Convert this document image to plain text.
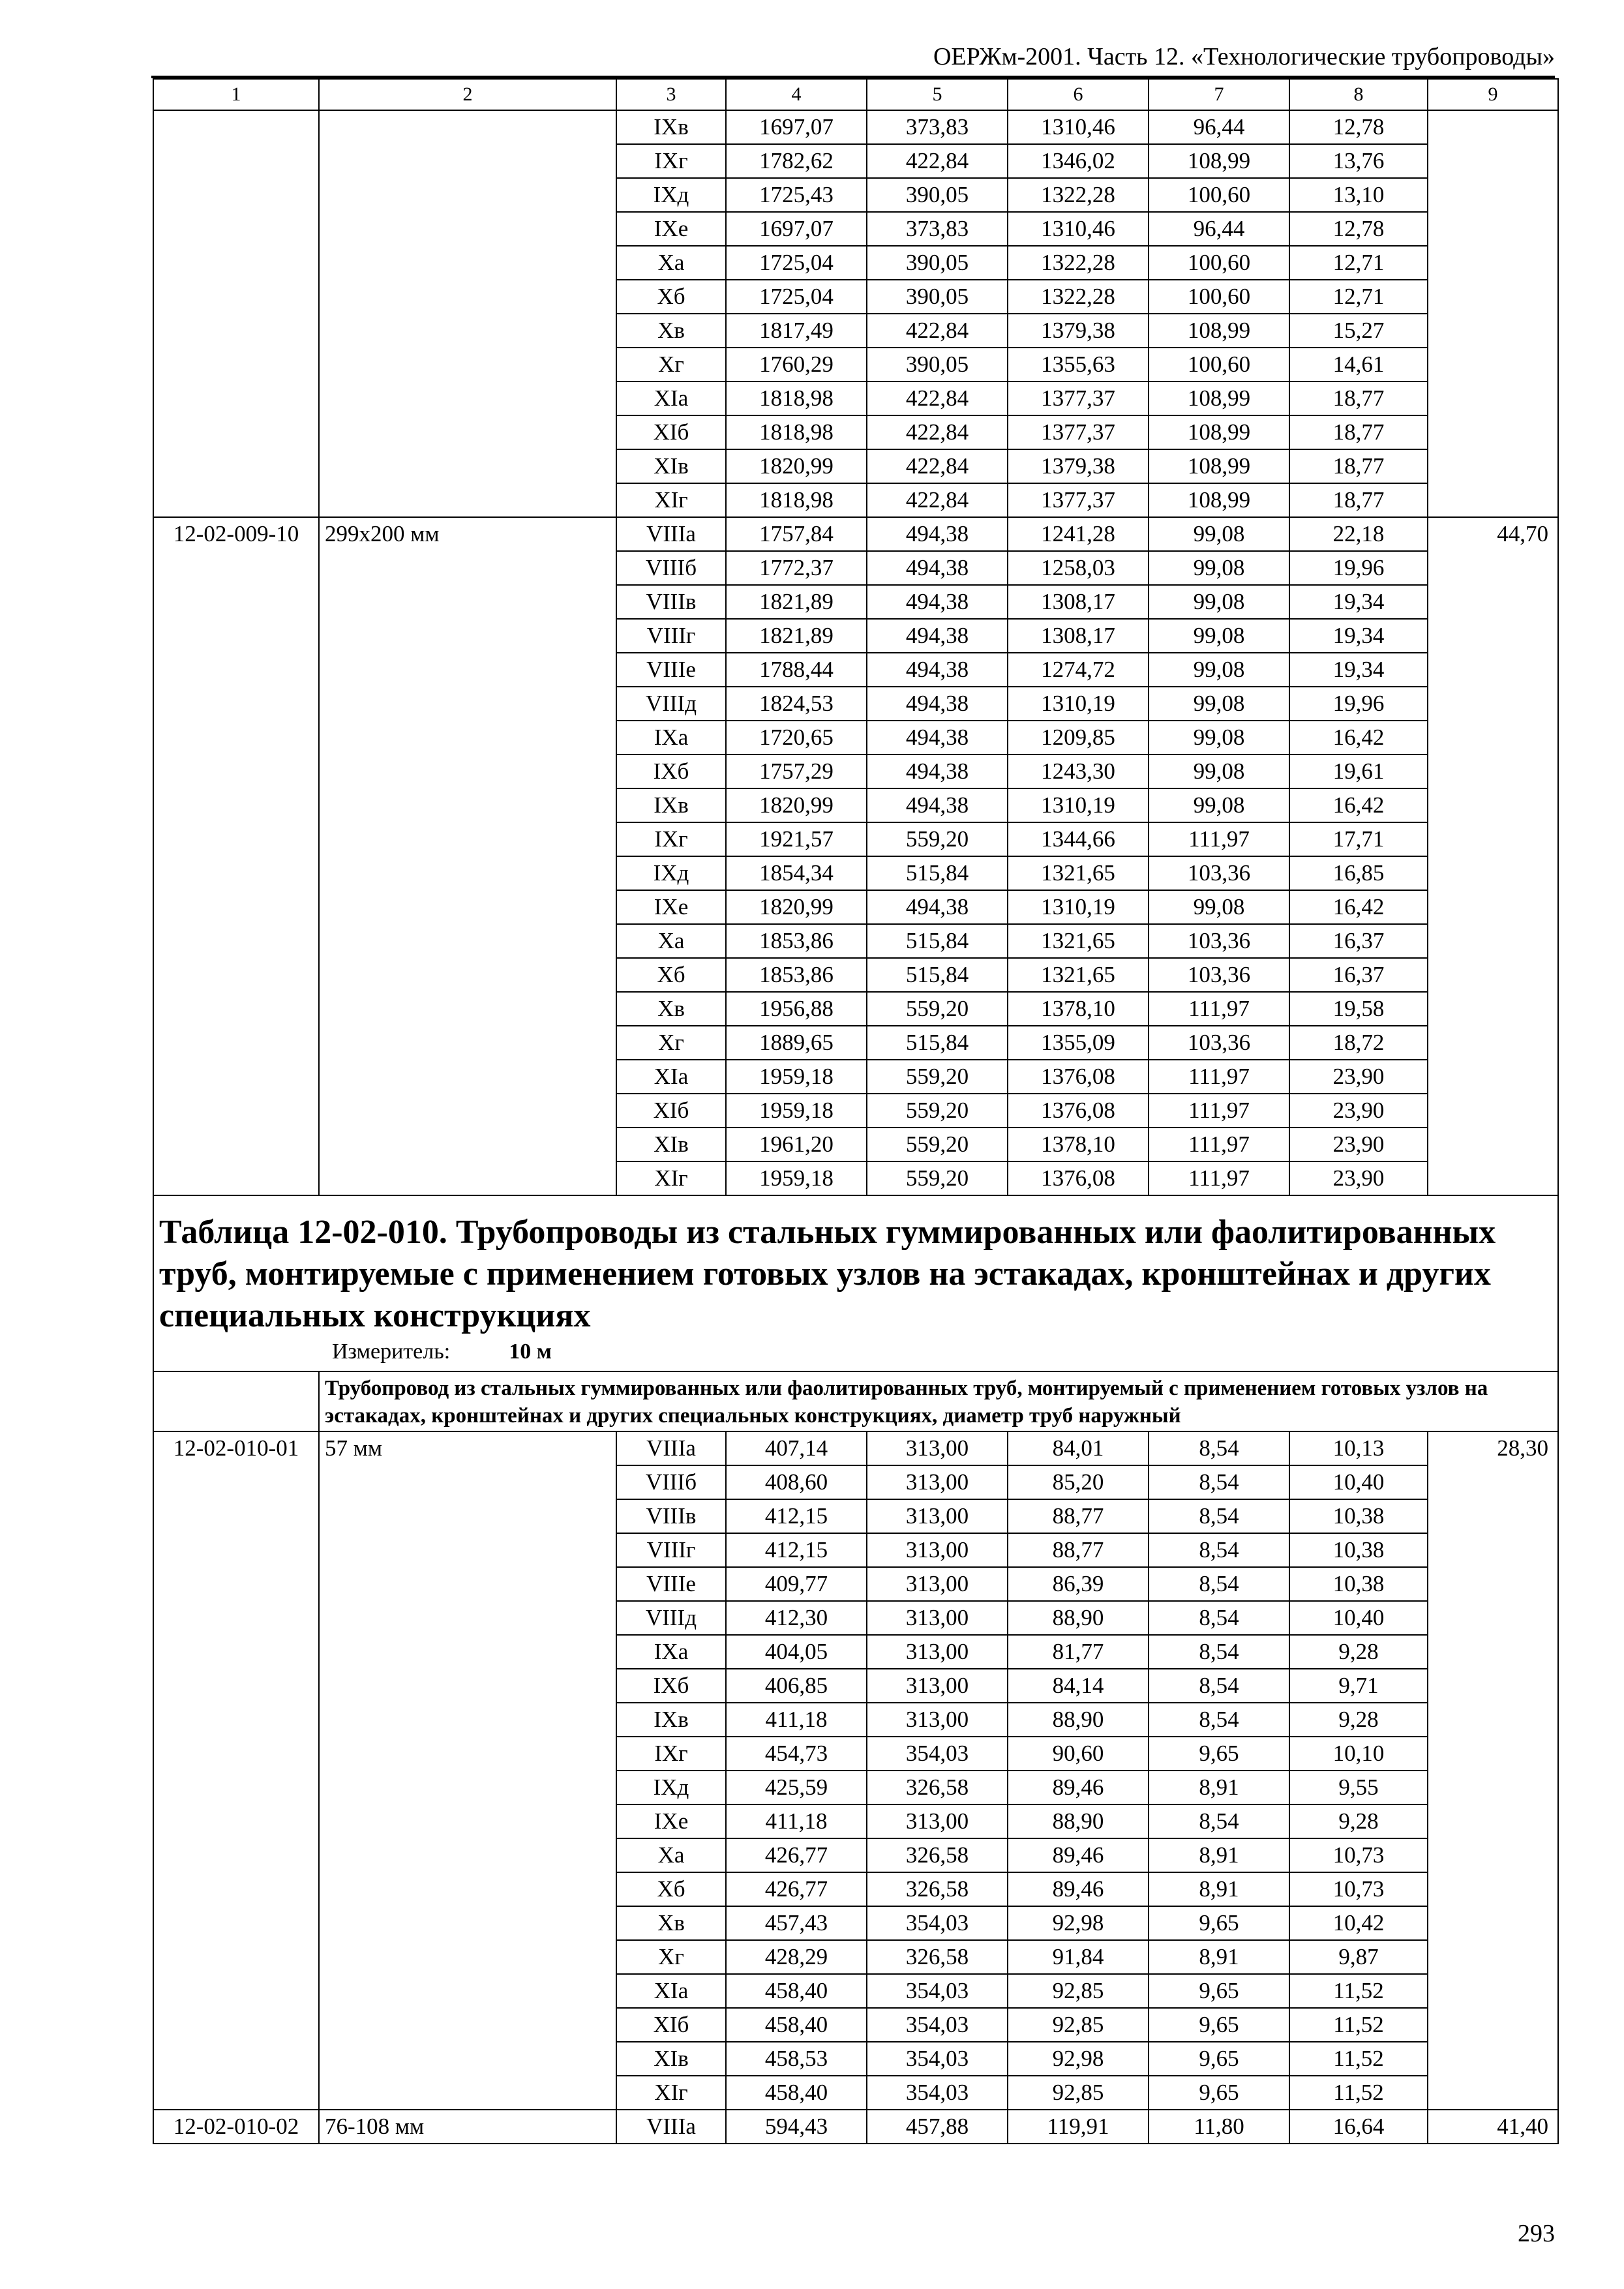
ОЕРЖм-2001. Часть 12. «Технологические трубопроводы»
1	2	3	4	5	6	7	8	9
		IXв	1697,07	373,83	1310,46	96,44	12,78	
		IXг	1782,62	422,84	1346,02	108,99	13,76	
		IXд	1725,43	390,05	1322,28	100,60	13,10	
		IXе	1697,07	373,83	1310,46	96,44	12,78	
		Xа	1725,04	390,05	1322,28	100,60	12,71	
		Xб	1725,04	390,05	1322,28	100,60	12,71	
		Xв	1817,49	422,84	1379,38	108,99	15,27	
		Xг	1760,29	390,05	1355,63	100,60	14,61	
		XIа	1818,98	422,84	1377,37	108,99	18,77	
		XIб	1818,98	422,84	1377,37	108,99	18,77	
		XIв	1820,99	422,84	1379,38	108,99	18,77	
		XIг	1818,98	422,84	1377,37	108,99	18,77	
12-02-009-10	299x200 мм	VIIIа	1757,84	494,38	1241,28	99,08	22,18	44,70
		VIIIб	1772,37	494,38	1258,03	99,08	19,96	
		VIIIв	1821,89	494,38	1308,17	99,08	19,34	
		VIIIг	1821,89	494,38	1308,17	99,08	19,34	
		VIIIе	1788,44	494,38	1274,72	99,08	19,34	
		VIIIд	1824,53	494,38	1310,19	99,08	19,96	
		IXа	1720,65	494,38	1209,85	99,08	16,42	
		IXб	1757,29	494,38	1243,30	99,08	19,61	
		IXв	1820,99	494,38	1310,19	99,08	16,42	
		IXг	1921,57	559,20	1344,66	111,97	17,71	
		IXд	1854,34	515,84	1321,65	103,36	16,85	
		IXе	1820,99	494,38	1310,19	99,08	16,42	
		Xа	1853,86	515,84	1321,65	103,36	16,37	
		Xб	1853,86	515,84	1321,65	103,36	16,37	
		Xв	1956,88	559,20	1378,10	111,97	19,58	
		Xг	1889,65	515,84	1355,09	103,36	18,72	
		XIа	1959,18	559,20	1376,08	111,97	23,90	
		XIб	1959,18	559,20	1376,08	111,97	23,90	
		XIв	1961,20	559,20	1378,10	111,97	23,90	
		XIг	1959,18	559,20	1376,08	111,97	23,90	
Таблица 12-02-010. Трубопроводы из стальных гуммированных или фаолитированных труб, монтируемые с применением готовых узлов на эстакадах, кронштейнах и других специальных конструкциях
Измеритель: 10 м								

	Трубопровод из стальных гуммированных или фаолитированных труб, монтируемый с применением готовых узлов на эстакадах, кронштейнах и других специальных конструкциях, диаметр труб наружный							
12-02-010-01	57 мм	VIIIа	407,14	313,00	84,01	8,54	10,13	28,30
		VIIIб	408,60	313,00	85,20	8,54	10,40	
		VIIIв	412,15	313,00	88,77	8,54	10,38	
		VIIIг	412,15	313,00	88,77	8,54	10,38	
		VIIIе	409,77	313,00	86,39	8,54	10,38	
		VIIIд	412,30	313,00	88,90	8,54	10,40	
		IXа	404,05	313,00	81,77	8,54	9,28	
		IXб	406,85	313,00	84,14	8,54	9,71	
		IXв	411,18	313,00	88,90	8,54	9,28	
		IXг	454,73	354,03	90,60	9,65	10,10	
		IXд	425,59	326,58	89,46	8,91	9,55	
		IXе	411,18	313,00	88,90	8,54	9,28	
		Xа	426,77	326,58	89,46	8,91	10,73	
		Xб	426,77	326,58	89,46	8,91	10,73	
		Xв	457,43	354,03	92,98	9,65	10,42	
		Xг	428,29	326,58	91,84	8,91	9,87	
		XIа	458,40	354,03	92,85	9,65	11,52	
		XIб	458,40	354,03	92,85	9,65	11,52	
		XIв	458,53	354,03	92,98	9,65	11,52	
		XIг	458,40	354,03	92,85	9,65	11,52	
12-02-010-02	76-108 мм	VIIIа	594,43	457,88	119,91	11,80	16,64	41,40
293
